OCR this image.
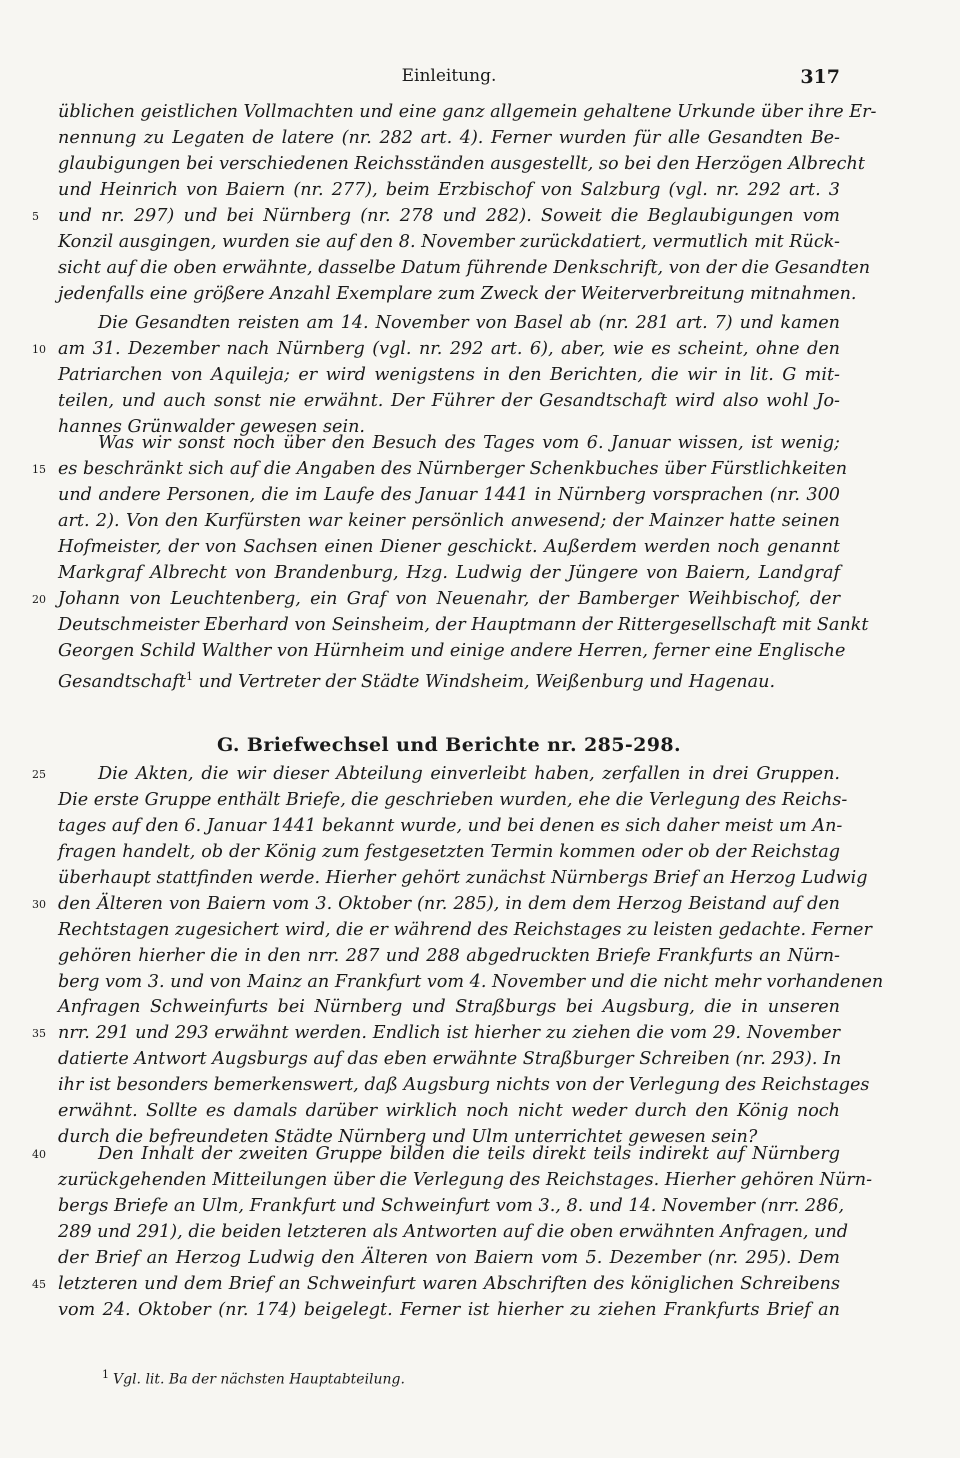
Einleitung.	317
üblichen geistlichen Vollmachten und eine ganz allgemein gehaltene Urkunde über ihre Er-
nennung zu Legaten de latere (nr. 282 art. 4). Ferner wurden für alle Gesandten Be-
glaubigungen bei verschiedenen Reichsständen ausgestellt, so bei den Herzögen Albrecht
und Heinrich von Baiern (nr. 277), beim Erzbischof von Salzburg (vgl. nr. 292 art. 3
5	und nr. 297) und bei Nürnberg (nr. 278 und 282). Soweit die Beglaubigungen vom
Konzil ausgingen, wurden sie auf den 8. November zurückdatiert, vermutlich mit Rück-
sicht auf die oben erwähnte, dasselbe Datum führende Denkschrift, von der die Gesandten
jedenfalls eine größere Anzahl Exemplare zum Zweck der Weiterverbreitung mitnahmen.
Die Gesandten reisten am 14. November von Basel ab (nr. 281 art. 7) und kamen
10 am 31. Dezember nach Nürnberg (vgl. nr. 292 art. 6), aber, wie es scheint, ohne den
Patriarchen von Aquileja; er wird wenigstens in den Berichten, die wir in lit. G mit-
teilen, und auch sonst nie erwähnt. Der Führer der Gesandtschaft wird also wohl Jo-
hannes Grünwalder gewesen sein.
Was wir sonst noch über den Besuch des Tages vom 6. Januar wissen, ist wenig;
15 es beschränkt sich auf die Angaben des Nürnberger Schenkbuches über Fürstlichkeiten
und andere Personen, die im Laufe des Januar 1441 in Nürnberg vorsprachen (nr. 300
art. 2). Von den Kurfürsten war keiner persönlich anwesend; der Mainzer hatte seinen
Hofmeister, der von Sachsen einen Diener geschickt. Außerdem werden noch genannt
Markgraf Albrecht von Brandenburg, Hzg. Ludwig der Jüngere von Baiern, Landgraf
20 Johann von Leuchtenberg, ein Graf von Neuenahr, der Bamberger Weihbischof, der
Deutschmeister Eberhard von Seinsheim, der Hauptmann der Rittergesellschaft mit Sankt
Georgen Schild Walther von Hürnheim und einige andere Herren, ferner eine Englische
Gesandtschaft$^1$ und Vertreter der Städte Windsheim, Weißenburg und Hagenau.
G. Briefwechsel und Berichte nr. 285-298.
25	Die Akten, die wir dieser Abteilung einverleibt haben, zerfallen in drei Gruppen.
Die erste Gruppe enthält Briefe, die geschrieben wurden, ehe die Verlegung des Reichs-
tages auf den 6. Januar 1441 bekannt wurde, und bei denen es sich daher meist um An-
fragen handelt, ob der König zum festgesetzten Termin kommen oder ob der Reichstag
überhaupt stattfinden werde. Hierher gehört zunächst Nürnbergs Brief an Herzog Ludwig
30 den Älteren von Baiern vom 3. Oktober (nr. 285), in dem dem Herzog Beistand auf den
Rechtstagen zugesichert wird, die er während des Reichstages zu leisten gedachte. Ferner
gehören hierher die in den nrr. 287 und 288 abgedruckten Briefe Frankfurts an Nürn-
berg vom 3. und von Mainz an Frankfurt vom 4. November und die nicht mehr vorhandenen
Anfragen Schweinfurts bei Nürnberg und Straßburgs bei Augsburg, die in unseren
35 nrr. 291 und 293 erwähnt werden. Endlich ist hierher zu ziehen die vom 29. November
datierte Antwort Augsburgs auf das eben erwähnte Straßburger Schreiben (nr. 293). In
ihr ist besonders bemerkenswert, daß Augsburg nichts von der Verlegung des Reichstages
erwähnt. Sollte es damals darüber wirklich noch nicht weder durch den König noch
durch die befreundeten Städte Nürnberg und Ulm unterrichtet gewesen sein?
40	Den Inhalt der zweiten Gruppe bilden die teils direkt teils indirekt auf Nürnberg
zurückgehenden Mitteilungen über die Verlegung des Reichstages. Hierher gehören Nürn-
bergs Briefe an Ulm, Frankfurt und Schweinfurt vom 3., 8. und 14. November (nrr. 286,
289 und 291), die beiden letzteren als Antworten auf die oben erwähnten Anfragen, und
der Brief an Herzog Ludwig den Älteren von Baiern vom 5. Dezember (nr. 295). Dem
45 letzteren und dem Brief an Schweinfurt waren Abschriften des königlichen Schreibens
vom 24. Oktober (nr. 174) beigelegt. Ferner ist hierher zu ziehen Frankfurts Brief an
$^1$ Vgl. lit. Ba der nächsten Hauptabteilung.
